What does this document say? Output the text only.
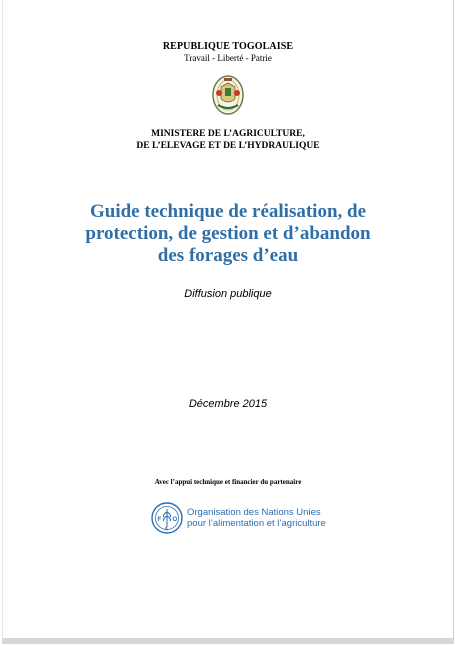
REPUBLIQUE TOGOLAISE
Travail - Liberté - Patrie
MINISTERE DE L’AGRICULTURE,
DE L’ELEVAGE ET DE L’HYDRAULIQUE
Guide technique de réalisation, de
protection, de gestion et d’abandon
des forages d’eau
Diffusion publique
Décembre 2015
Avec l’appui technique et financier du partenaire
F
A
O
Organisation des Nations Unies
pour l’alimentation et l’agriculture
